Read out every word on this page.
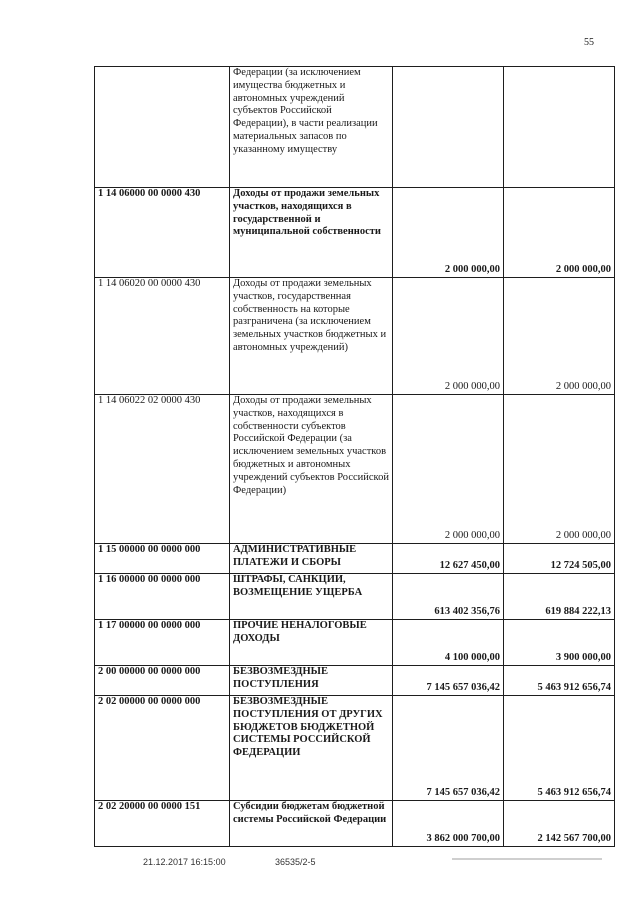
55
	Федерации (за исключением имущества бюджетных и автономных учреждений субъектов Российской Федерации), в части реализации материальных запасов по указанному имуществу		
1 14 06000 00 0000 430	Доходы от продажи земельных участков, находящихся в государственной и муниципальной собственности	2 000 000,00	2 000 000,00
1 14 06020 00 0000 430	Доходы от продажи земельных участков, государственная собственность на которые разграничена (за исключением земельных участков бюджетных и автономных учреждений)	2 000 000,00	2 000 000,00
1 14 06022 02 0000 430	Доходы от продажи земельных участков, находящихся в собственности субъектов Российской Федерации (за исключением земельных участков бюджетных и автономных учреждений субъектов Российской Федерации)	2 000 000,00	2 000 000,00
1 15 00000 00 0000 000	АДМИНИСТРАТИВНЫЕ ПЛАТЕЖИ И СБОРЫ	12 627 450,00	12 724 505,00
1 16 00000 00 0000 000	ШТРАФЫ, САНКЦИИ, ВОЗМЕЩЕНИЕ УЩЕРБА	613 402 356,76	619 884 222,13
1 17 00000 00 0000 000	ПРОЧИЕ НЕНАЛОГОВЫЕ ДОХОДЫ	4 100 000,00	3 900 000,00
2 00 00000 00 0000 000	БЕЗВОЗМЕЗДНЫЕ ПОСТУПЛЕНИЯ	7 145 657 036,42	5 463 912 656,74
2 02 00000 00 0000 000	БЕЗВОЗМЕЗДНЫЕ ПОСТУПЛЕНИЯ ОТ ДРУГИХ БЮДЖЕТОВ БЮДЖЕТНОЙ СИСТЕМЫ РОССИЙСКОЙ ФЕДЕРАЦИИ	7 145 657 036,42	5 463 912 656,74
2 02 20000 00 0000 151	Субсидии бюджетам бюджетной системы Российской Федерации	3 862 000 700,00	2 142 567 700,00
21.12.2017 16:15:00	36535/2-5
